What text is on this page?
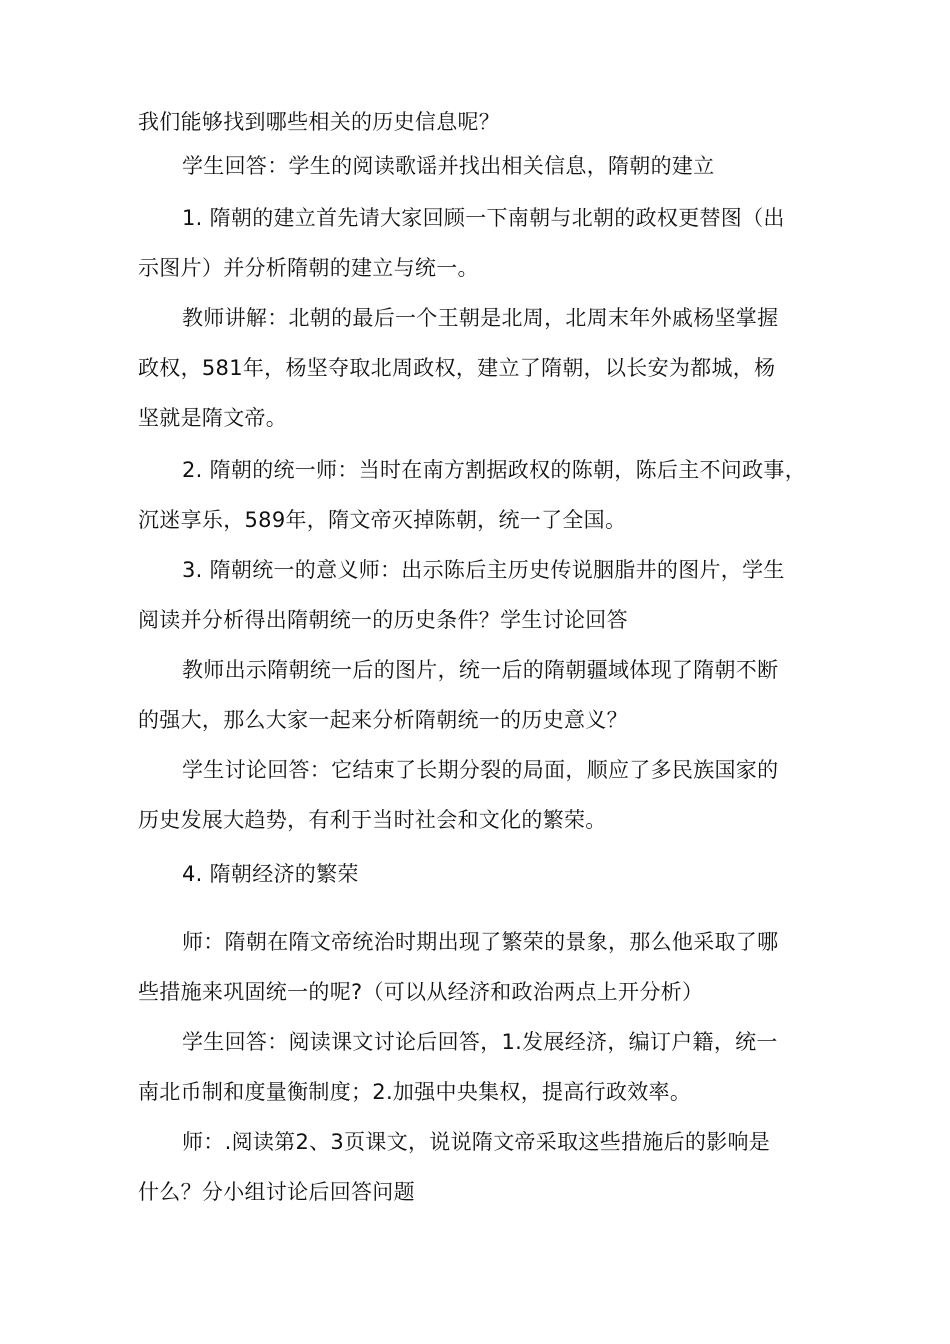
我们能够找到哪些相关的历史信息呢？
学生回答：学生的阅读歌谣并找出相关信息，隋朝的建立
1. 隋朝的建立首先请大家回顾一下南朝与北朝的政权更替图（出
示图片）并分析隋朝的建立与统一。
教师讲解：北朝的最后一个王朝是北周，北周末年外戚杨坚掌握
政权，581年，杨坚夺取北周政权，建立了隋朝，以长安为都城，杨
坚就是隋文帝。
2. 隋朝的统一师：当时在南方割据政权的陈朝，陈后主不问政事，
沉迷享乐，589年，隋文帝灭掉陈朝，统一了全国。
3. 隋朝统一的意义师：出示陈后主历史传说胭脂井的图片，学生
阅读并分析得出隋朝统一的历史条件？学生讨论回答
教师出示隋朝统一后的图片，统一后的隋朝疆域体现了隋朝不断
的强大，那么大家一起来分析隋朝统一的历史意义？
学生讨论回答：它结束了长期分裂的局面，顺应了多民族国家的
历史发展大趋势，有利于当时社会和文化的繁荣。
4. 隋朝经济的繁荣
师：隋朝在隋文帝统治时期出现了繁荣的景象，那么他采取了哪
些措施来巩固统一的呢?（可以从经济和政治两点上开分析）
学生回答：阅读课文讨论后回答，1.发展经济，编订户籍，统一
南北币制和度量衡制度；2.加强中央集权，提高行政效率。
师：.阅读第2、3页课文，说说隋文帝采取这些措施后的影响是
什么？分小组讨论后回答问题
